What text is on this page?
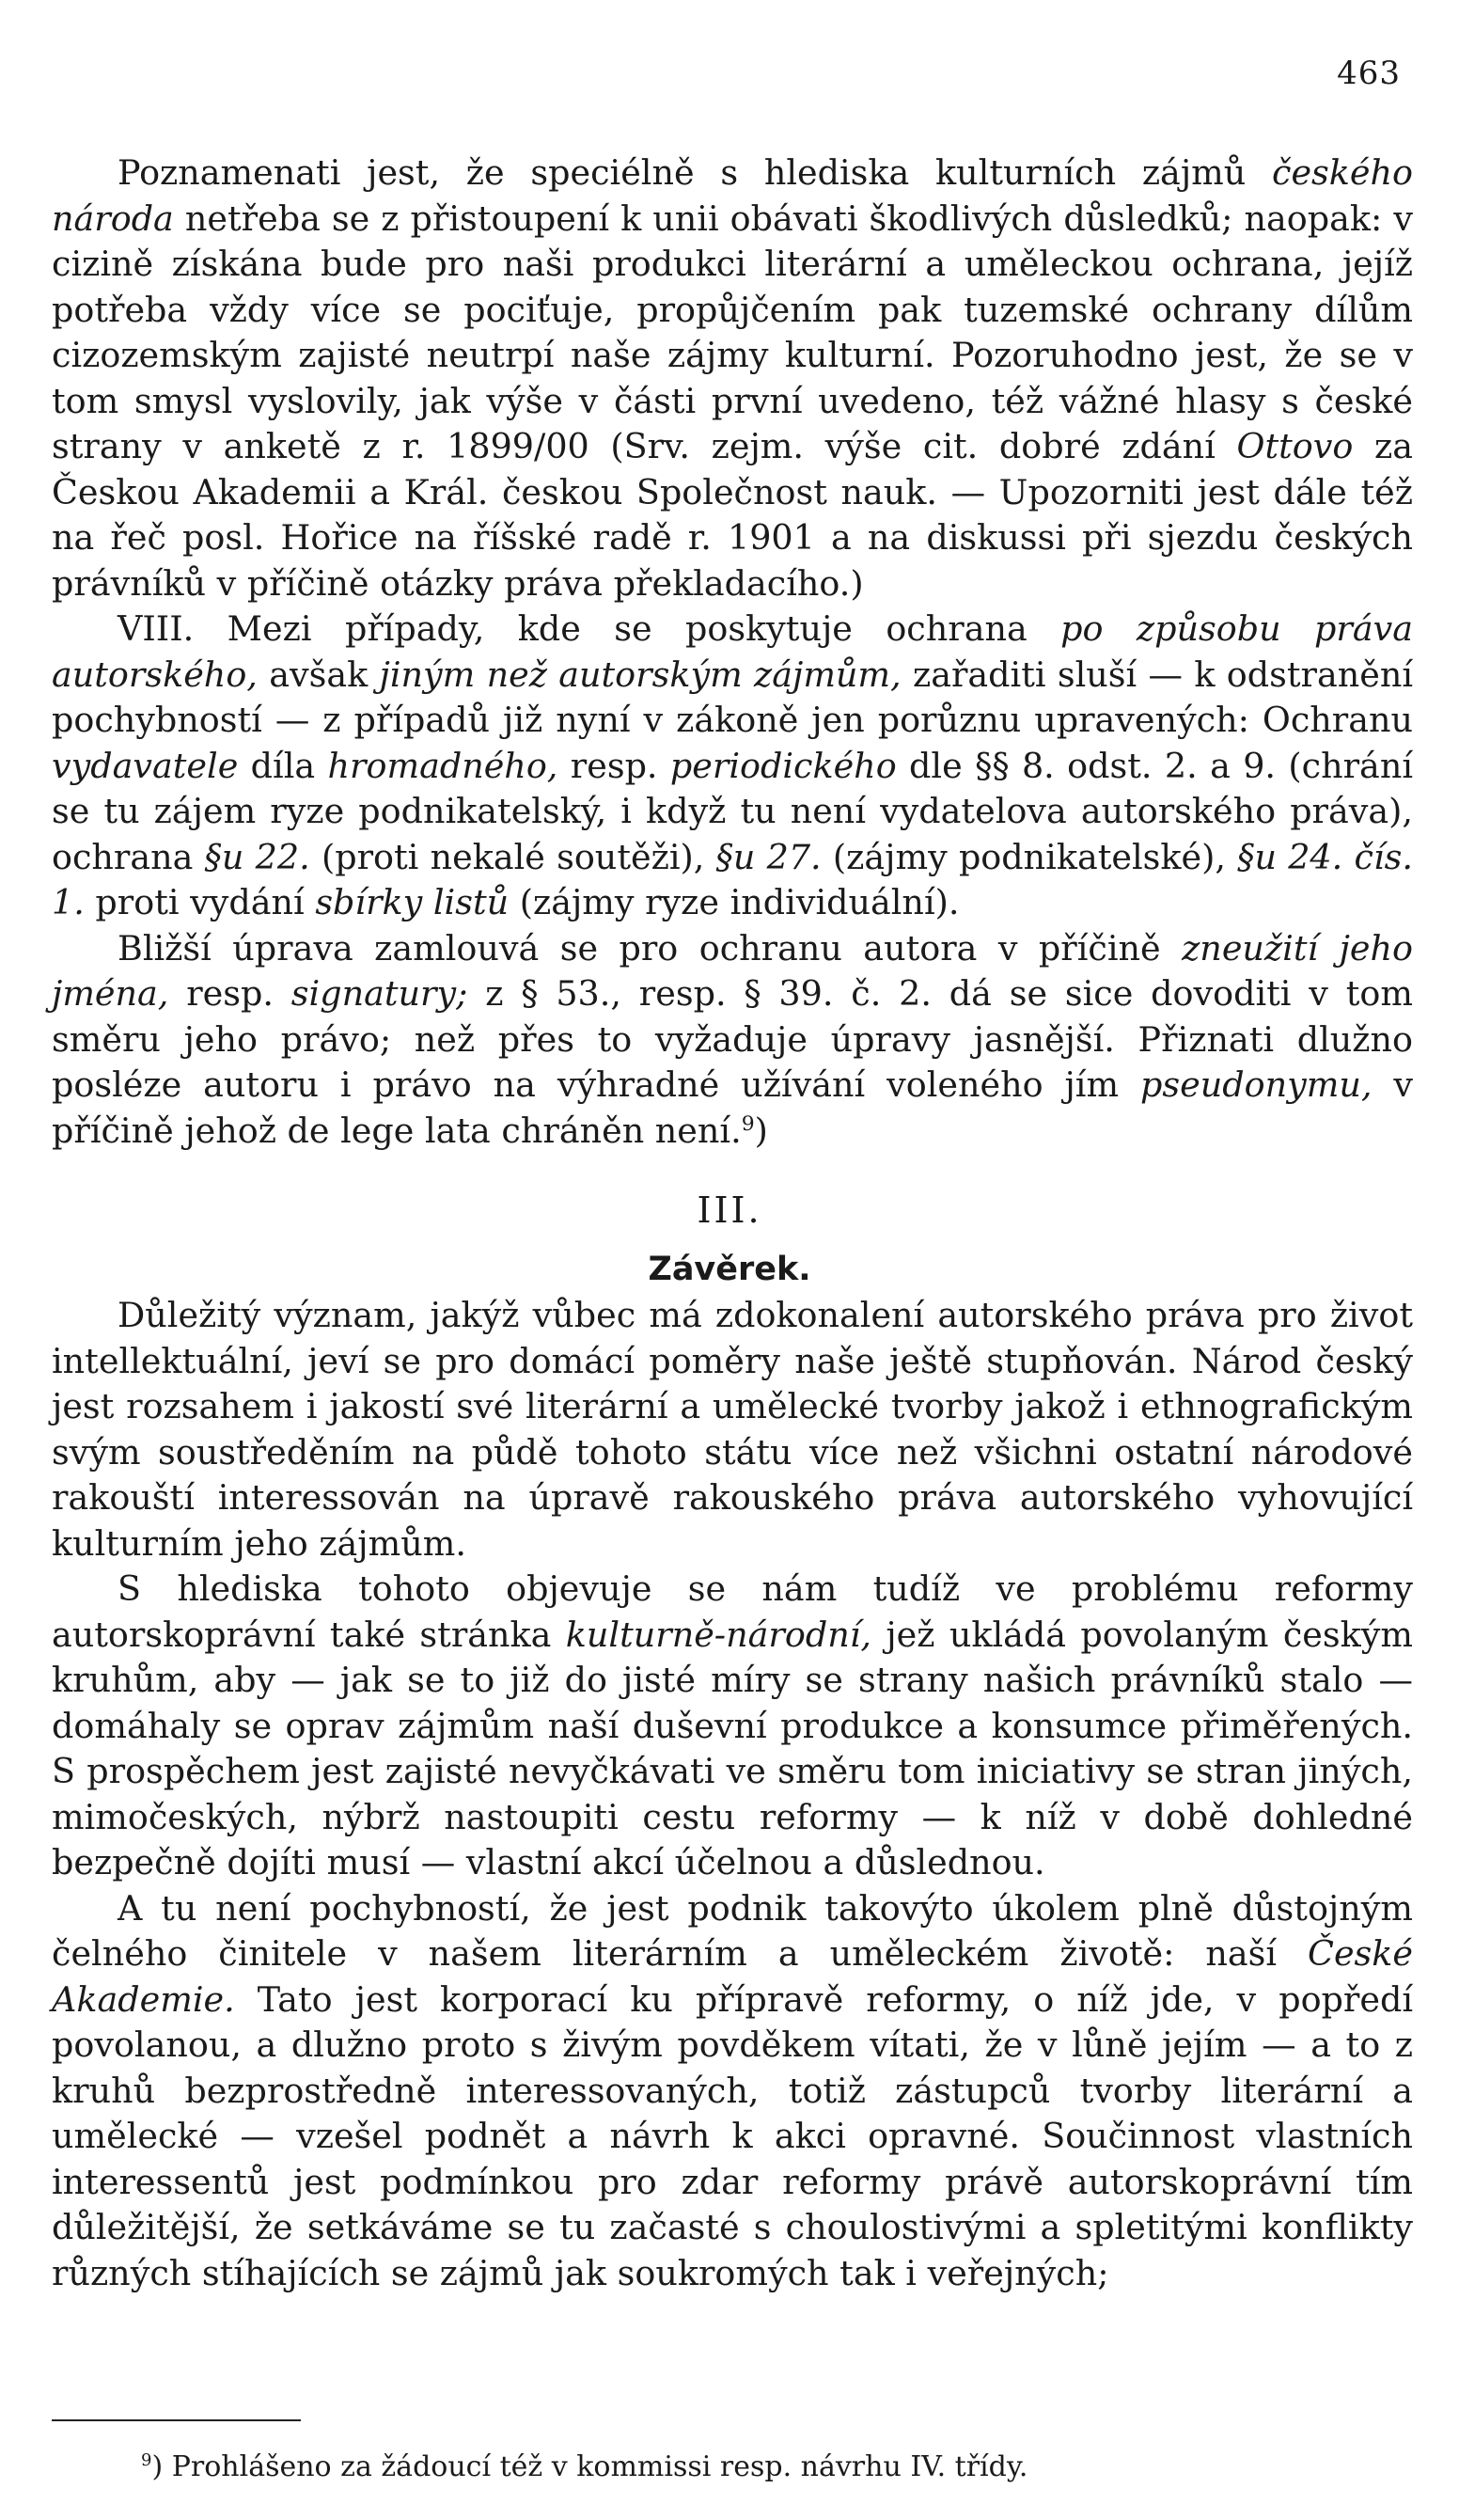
463

Poznamenati jest, že speciélně s hlediska kulturních zájmů českého národa netřeba se z přistoupení k unii obávati škodlivých důsledků; naopak: v cizině získána bude pro naši produkci literární a uměleckou ochrana, jejíž potřeba vždy více se pociťuje, propůjčením pak tuzemské ochrany dílům cizozemským zajisté neutrpí naše zájmy kulturní. Pozoruhodno jest, že se v tom smysl vyslovily, jak výše v části první uvedeno, též vážné hlasy s české strany v anketě z r. 1899/00 (Srv. zejm. výše cit. dobré zdání Ottovo za Českou Akademii a Král. českou Společnost nauk. — Upozorniti jest dále též na řeč posl. Hořice na říšské radě r. 1901 a na diskussi při sjezdu českých právníků v příčině otázky práva překladacího.)

VIII. Mezi případy, kde se poskytuje ochrana po způsobu práva autorského, avšak jiným než autorským zájmům, zařaditi sluší — k odstranění pochybností — z případů již nyní v zákoně jen porůznu upravených: Ochranu vydavatele díla hromadného, resp. periodického dle §§ 8. odst. 2. a 9. (chrání se tu zájem ryze podnikatelský, i když tu není vydatelova autorského práva), ochrana §u 22. (proti nekalé soutěži), §u 27. (zájmy podnikatelské), §u 24. čís. 1. proti vydání sbírky listů (zájmy ryze individuální).

Bližší úprava zamlouvá se pro ochranu autora v příčině zneužití jeho jména, resp. signatury; z § 53., resp. § 39. č. 2. dá se sice dovoditi v tom směru jeho právo; než přes to vyžaduje úpravy jasnější. Přiznati dlužno posléze autoru i právo na výhradné užívání voleného jím pseudonymu, v příčině jehož de lege lata chráněn není.$^9$)

III.
Závěrek.

Důležitý význam, jakýž vůbec má zdokonalení autorského práva pro život intellektuální, jeví se pro domácí poměry naše ještě stupňován. Národ český jest rozsahem i jakostí své literární a umělecké tvorby jakož i ethnografickým svým soustředěním na půdě tohoto státu více než všichni ostatní národové rakouští interessován na úpravě rakouského práva autorského vyhovující kulturním jeho zájmům.

S hlediska tohoto objevuje se nám tudíž ve problému reformy autorskoprávní také stránka kulturně-národní, jež ukládá povolaným českým kruhům, aby — jak se to již do jisté míry se strany našich právníků stalo — domáhaly se oprav zájmům naší duševní produkce a konsumce přiměřených. S prospěchem jest zajisté nevyčkávati ve směru tom iniciativy se stran jiných, mimočeských, nýbrž nastoupiti cestu reformy — k níž v době dohledné bezpečně dojíti musí — vlastní akcí účelnou a důslednou.

A tu není pochybností, že jest podnik takovýto úkolem plně důstojným čelného činitele v našem literárním a uměleckém životě: naší České Akademie. Tato jest korporací ku přípravě reformy, o níž jde, v popředí povolanou, a dlužno proto s živým povděkem vítati, že v lůně jejím — a to z kruhů bezprostředně interessovaných, totiž zástupců tvorby literární a umělecké — vzešel podnět a návrh k akci opravné. Součinnost vlastních interessentů jest podmínkou pro zdar reformy právě autorskoprávní tím důležitější, že setkáváme se tu začasté s choulostivými a spletitými konflikty různých stíhajících se zájmů jak soukromých tak i veřejných;

$^9$) Prohlášeno za žádoucí též v kommissi resp. návrhu IV. třídy.
